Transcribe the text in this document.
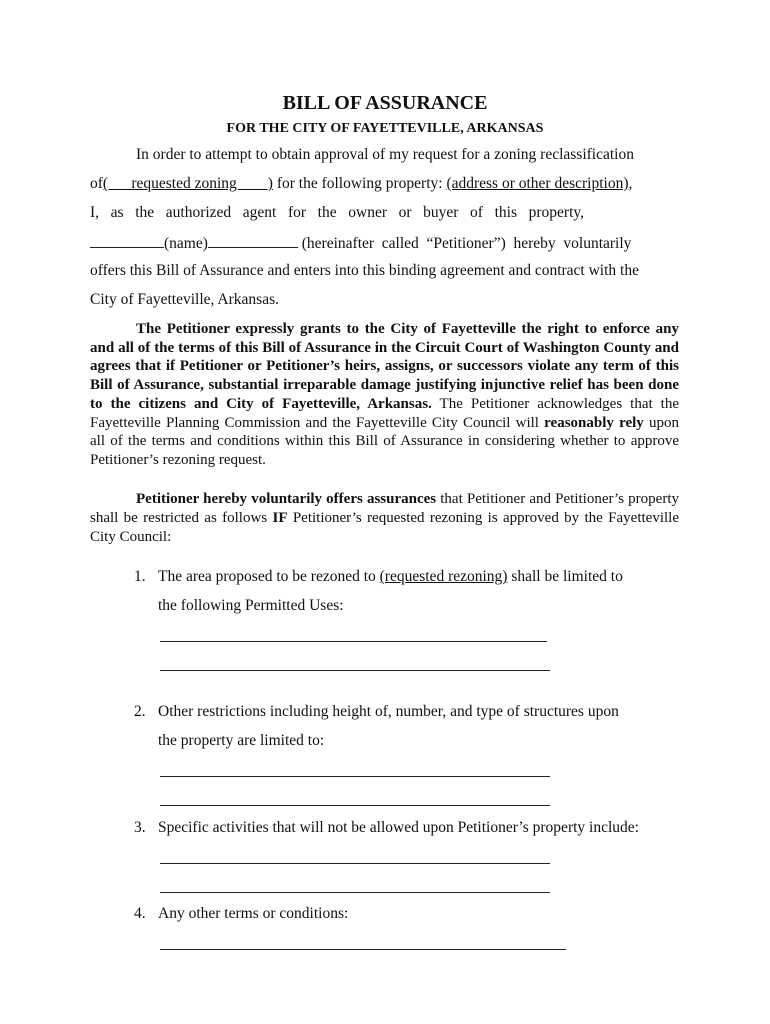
BILL OF ASSURANCE
FOR THE CITY OF FAYETTEVILLE, ARKANSAS
In order to attempt to obtain approval of my request for a zoning reclassification
of(      requested zoning        ) for the following property: (address or other description),
I,   as   the   authorized   agent   for   the   owner   or   buyer   of   this   property,
(name)	(hereinafter  called  “Petitioner”)  hereby  voluntarily
offers this Bill of Assurance and enters into this binding agreement and contract with the
City of Fayetteville, Arkansas.
The Petitioner expressly grants to the City of Fayetteville the right to enforce any and all of the terms of this Bill of Assurance in the Circuit Court of Washington County and agrees that if Petitioner or Petitioner’s heirs, assigns, or successors violate any term of this Bill of Assurance, substantial irreparable damage justifying injunctive relief has been done to the citizens and City of Fayetteville, Arkansas. The Petitioner acknowledges that the Fayetteville Planning Commission and the Fayetteville City Council will reasonably rely upon all of the terms and conditions within this Bill of Assurance in considering whether to approve Petitioner’s rezoning request.
Petitioner hereby voluntarily offers assurances that Petitioner and Petitioner’s property shall be restricted as follows IF Petitioner’s requested rezoning is approved by the Fayetteville City Council:
1. The area proposed to be rezoned to (requested rezoning) shall be limited to
the following Permitted Uses:
2. Other restrictions including height of, number, and type of structures upon
the property are limited to:
3. Specific activities that will not be allowed upon Petitioner’s property include:
4. Any other terms or conditions:
